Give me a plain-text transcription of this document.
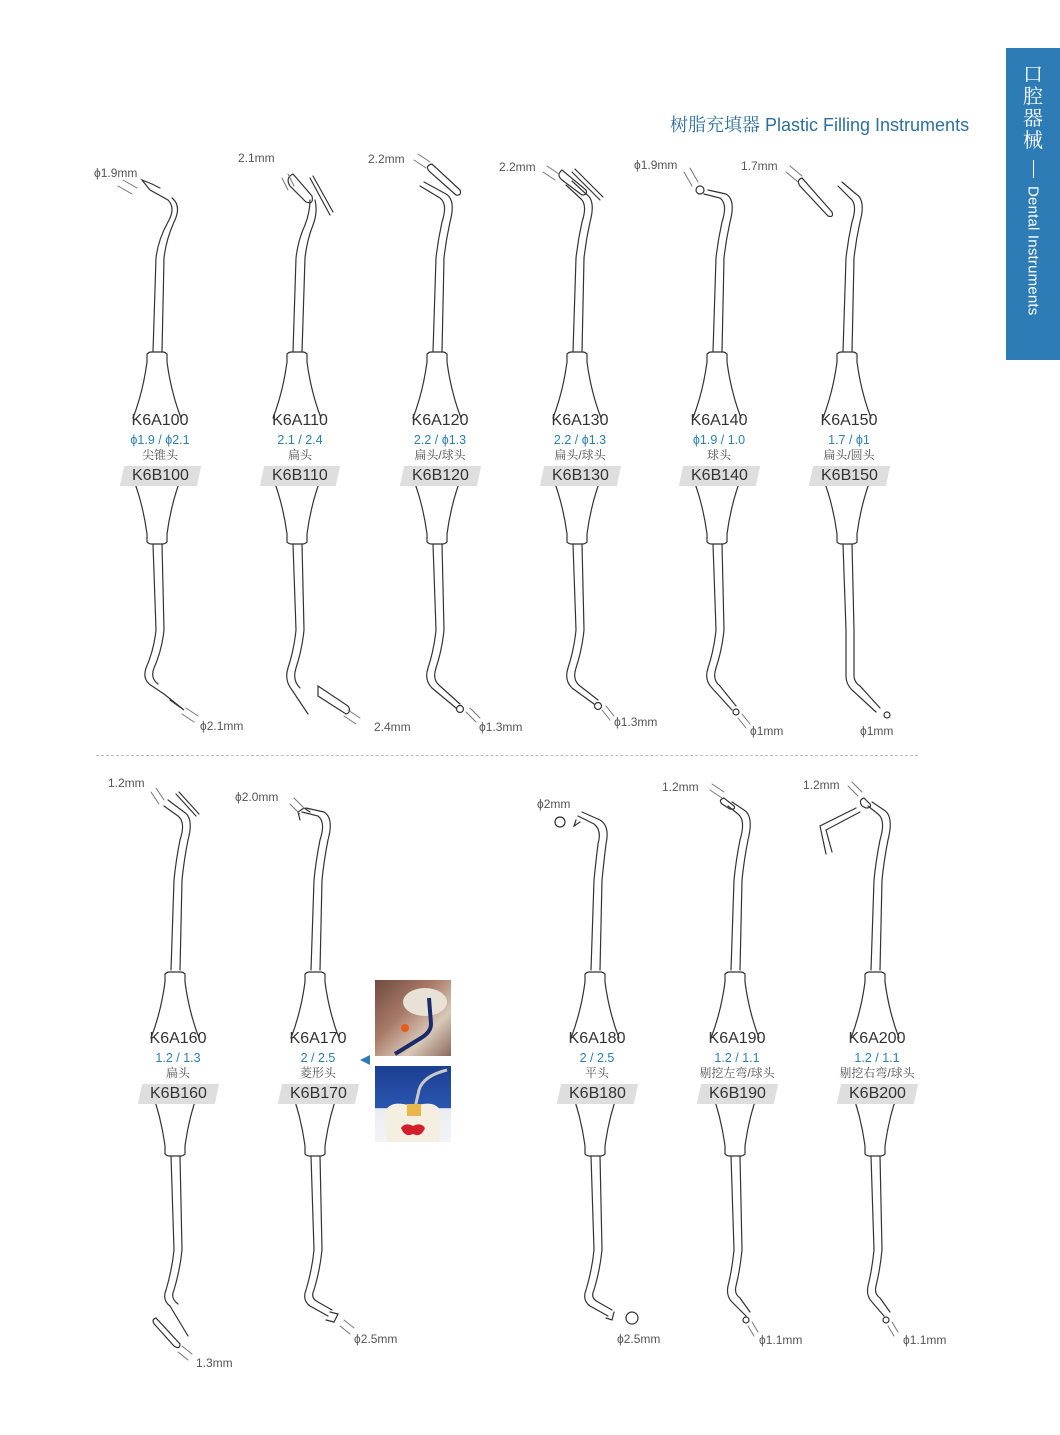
口腔器械
Dental Instruments
树脂充填器 Plastic Filling Instruments
ϕ1.9mm
2.1mm	2.2mm
2.2mm	ϕ1.9mm	1.7mm
ϕ2.1mm	2.4mm	ϕ1.3mm	ϕ1.3mm
ϕ1mm	ϕ1mm
1.2mm
ϕ2.0mm	ϕ2mm
1.2mm	1.2mm
1.3mm
ϕ2.5mm	ϕ2.5mm	ϕ1.1mm	ϕ1.1mm
K6A100
ϕ1.9 / ϕ2.1
尖锥头
K6B100
K6A110
2.1 / 2.4
扁头
K6B110
K6A120
2.2 / ϕ1.3
扁头/球头
K6B120
K6A130
2.2 / ϕ1.3
扁头/球头
K6B130
K6A140
ϕ1.9 / 1.0
球头
K6B140
K6A150
1.7 / ϕ1
扁头/圆头
K6B150
K6A160
1.2 / 1.3
扁头
K6B160
K6A170
2 / 2.5
菱形头
K6B170
K6A180
2 / 2.5
平头
K6B180
K6A190
1.2 / 1.1
剔挖左弯/球头
K6B190
K6A200
1.2 / 1.1
剔挖右弯/球头
K6B200
